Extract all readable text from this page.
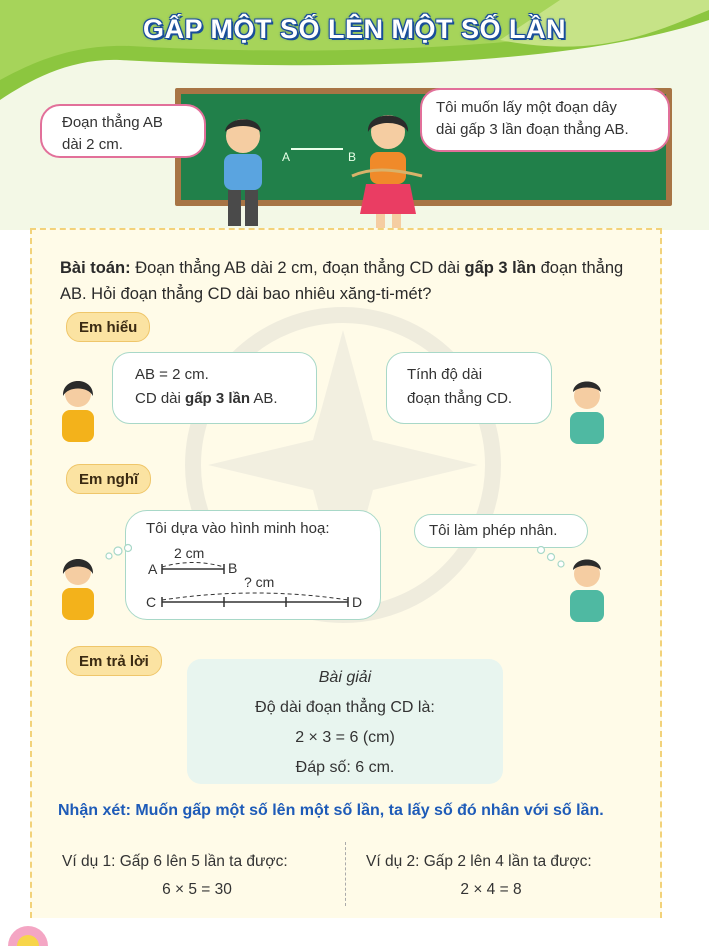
GẤP MỘT SỐ LÊN MỘT SỐ LẦN
A	B
Đoạn thẳng AB
dài 2 cm.
Tôi muốn lấy một đoạn dây
dài gấp 3 lần đoạn thẳng AB.
Bài toán: Đoạn thẳng AB dài 2 cm, đoạn thẳng CD dài gấp 3 lần đoạn thẳng AB. Hỏi đoạn thẳng CD dài bao nhiêu xăng-ti-mét?
Em hiểu
AB = 2 cm.
CD dài gấp 3 lần AB.
Tính độ dài
đoạn thẳng CD.
Em nghĩ
Tôi dựa vào hình minh hoạ:
2 cm
A	B
? cm
C	D
Tôi làm phép nhân.
Em trả lời
Bài giải
Độ dài đoạn thẳng CD là:
2 × 3 = 6 (cm)
Đáp số: 6 cm.
Nhận xét: Muốn gấp một số lên một số lần, ta lấy số đó nhân với số lần.
Ví dụ 1: Gấp 6 lên 5 lần ta được:
6 × 5 = 30
Ví dụ 2: Gấp 2 lên 4 lần ta được:
2 × 4 = 8
